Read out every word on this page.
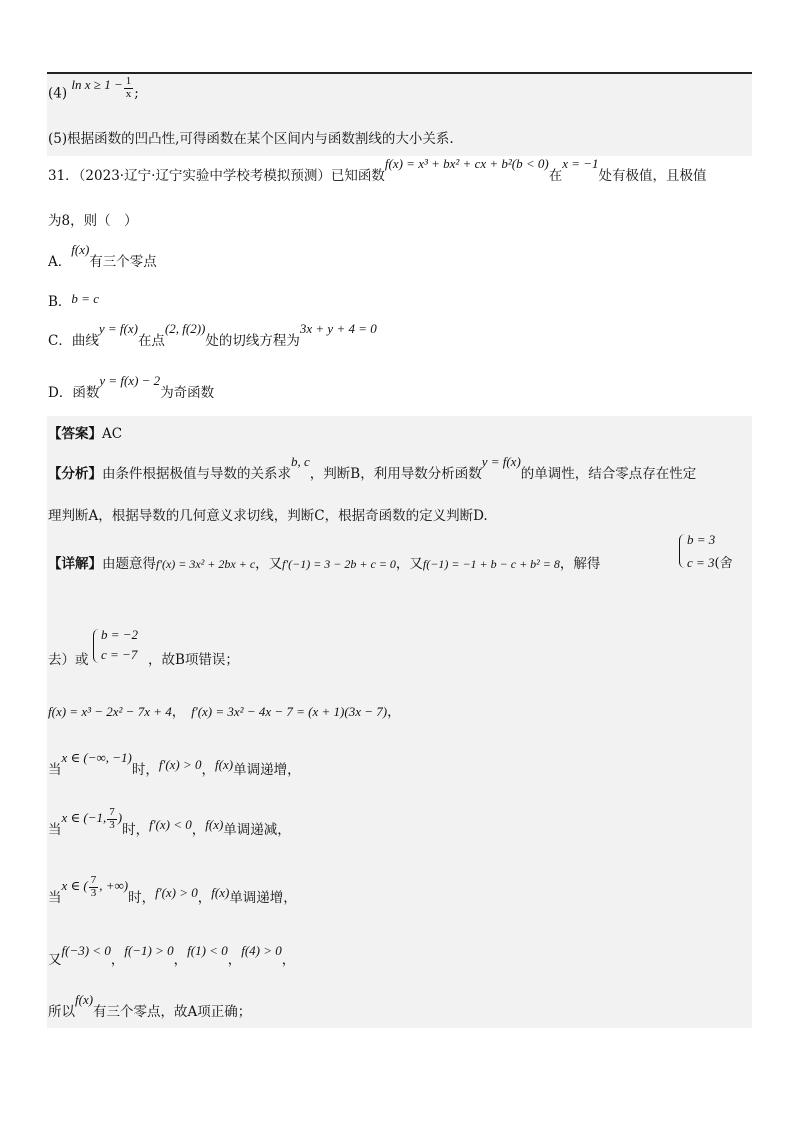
(4) $\ln x \ge 1 - \frac{1}{x}$ ;
(5)根据函数的凹凸性,可得函数在某个区间内与函数割线的大小关系.
31．（2023·辽宁·辽宁实验中学校考模拟预测）已知函数f(x) = x³ + bx² + cx + b²(b < 0)在x = −1处有极值，且极值
为8，则（　）
A．f(x)有三个零点
B．b = c
C．曲线y = f(x)在点(2, f(2))处的切线方程为3x + y + 4 = 0
D．函数y = f(x) − 2为奇函数
【答案】AC
【分析】由条件根据极值与导数的关系求b, c，判断B，利用导数分析函数y = f(x)的单调性，结合零点存在性定
理判断A，根据导数的几何意义求切线，判断C，根据奇函数的定义判断D.
【详解】由题意得f′(x) = 3x² + 2bx + c，又f′(−1) = 3 − 2b + c = 0，又f(−1) = −1 + b − c + b² = 8，解得
b = 3
c = 3(舍
去）或
b = −2
c = −7 ，故B项错误；
f(x) = x³ − 2x² − 7x + 4， f′(x) = 3x² − 4x − 7 = (x + 1)(3x − 7)，
当x ∈ (−∞, −1)时，f′(x) > 0，f(x)单调递增，
当x ∈ (−1, $\frac{7}{3}$ )时，f′(x) < 0，f(x)单调递减，
当x ∈ ( $\frac{7}{3}$ , +∞)时，f′(x) > 0，f(x)单调递增，
又f(−3) < 0，f(−1) > 0，f(1) < 0，f(4) > 0，
所以f(x)有三个零点，故A项正确；
